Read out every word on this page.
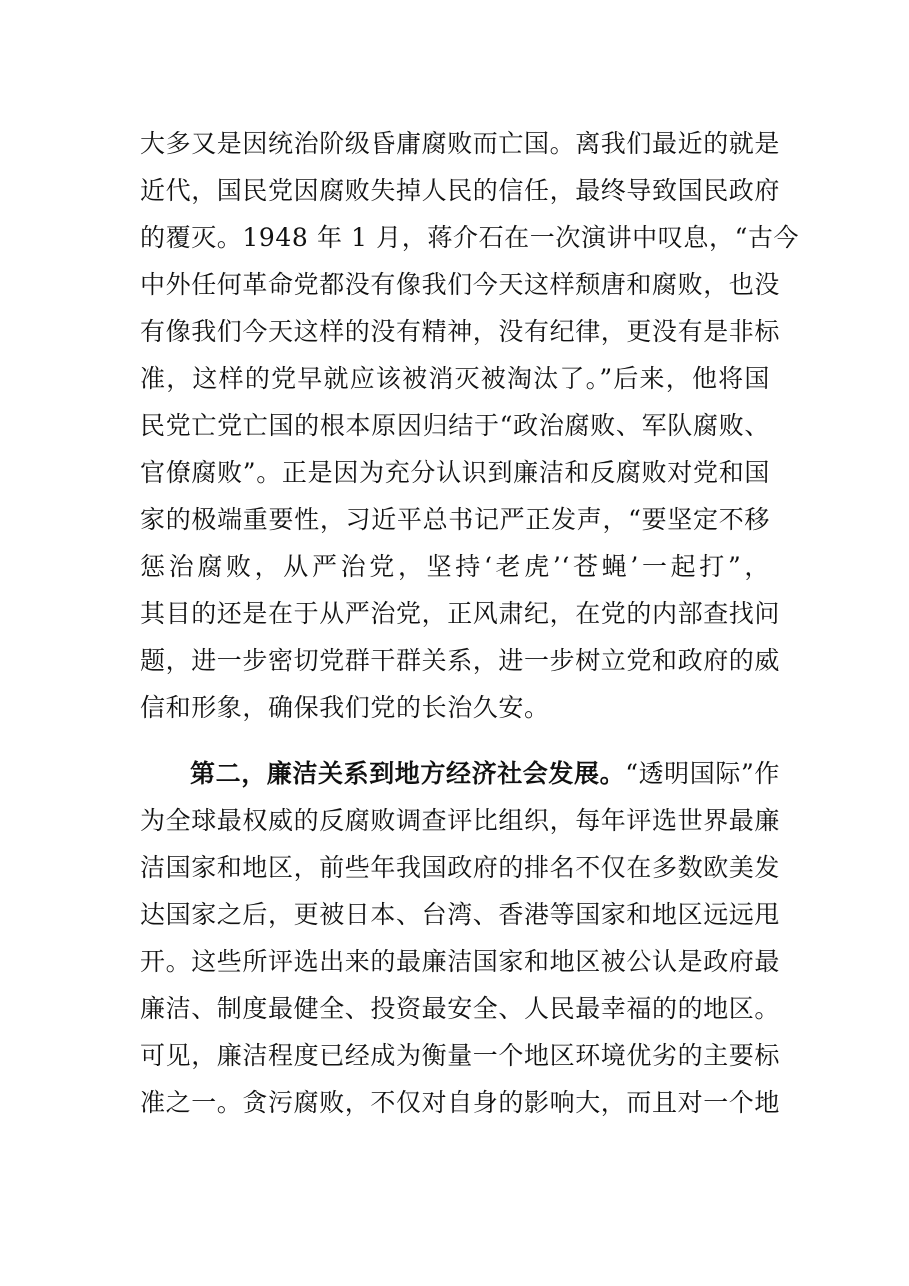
大多又是因统治阶级昏庸腐败而亡国。离我们最近的就是
近代，国民党因腐败失掉人民的信任，最终导致国民政府
的覆灭。1948 年 1 月，蒋介石在一次演讲中叹息，“古今
中外任何革命党都没有像我们今天这样颓唐和腐败，也没
有像我们今天这样的没有精神，没有纪律，更没有是非标
准，这样的党早就应该被消灭被淘汰了。”后来，他将国
民党亡党亡国的根本原因归结于“政治腐败、军队腐败、
官僚腐败”。正是因为充分认识到廉洁和反腐败对党和国
家的极端重要性，习近平总书记严正发声，“要坚定不移
惩治腐败，从严治党，坚持‘老虎’‘苍蝇’一起打”，
其目的还是在于从严治党，正风肃纪，在党的内部查找问
题，进一步密切党群干群关系，进一步树立党和政府的威
信和形象，确保我们党的长治久安。
第二，廉洁关系到地方经济社会发展。“透明国际”作
为全球最权威的反腐败调查评比组织，每年评选世界最廉
洁国家和地区，前些年我国政府的排名不仅在多数欧美发
达国家之后，更被日本、台湾、香港等国家和地区远远甩
开。这些所评选出来的最廉洁国家和地区被公认是政府最
廉洁、制度最健全、投资最安全、人民最幸福的的地区。
可见，廉洁程度已经成为衡量一个地区环境优劣的主要标
准之一。贪污腐败，不仅对自身的影响大，而且对一个地
